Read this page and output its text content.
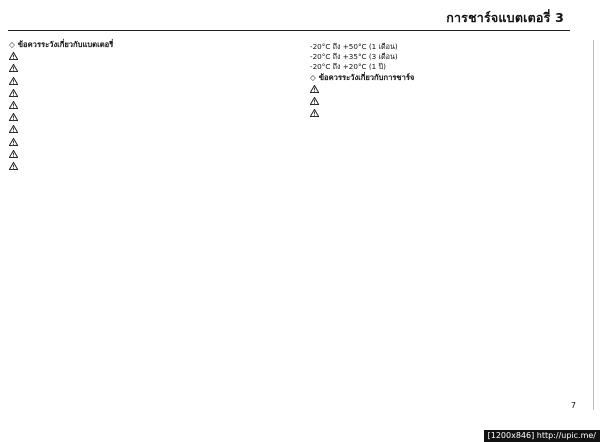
การชาร์จแบตเตอรี่ 3
◇ ข้อควรระวังเกี่ยวกับแบตเตอรี่	-20°C ถึง +50°C (1 เดือน)

-20°C ถึง +35°C (3 เดือน)

-20°C ถึง +20°C (1 ปี)

◇ ข้อควรระวังเกี่ยวกับการชาร์จ

7
[1200x846] http://upic.me/
